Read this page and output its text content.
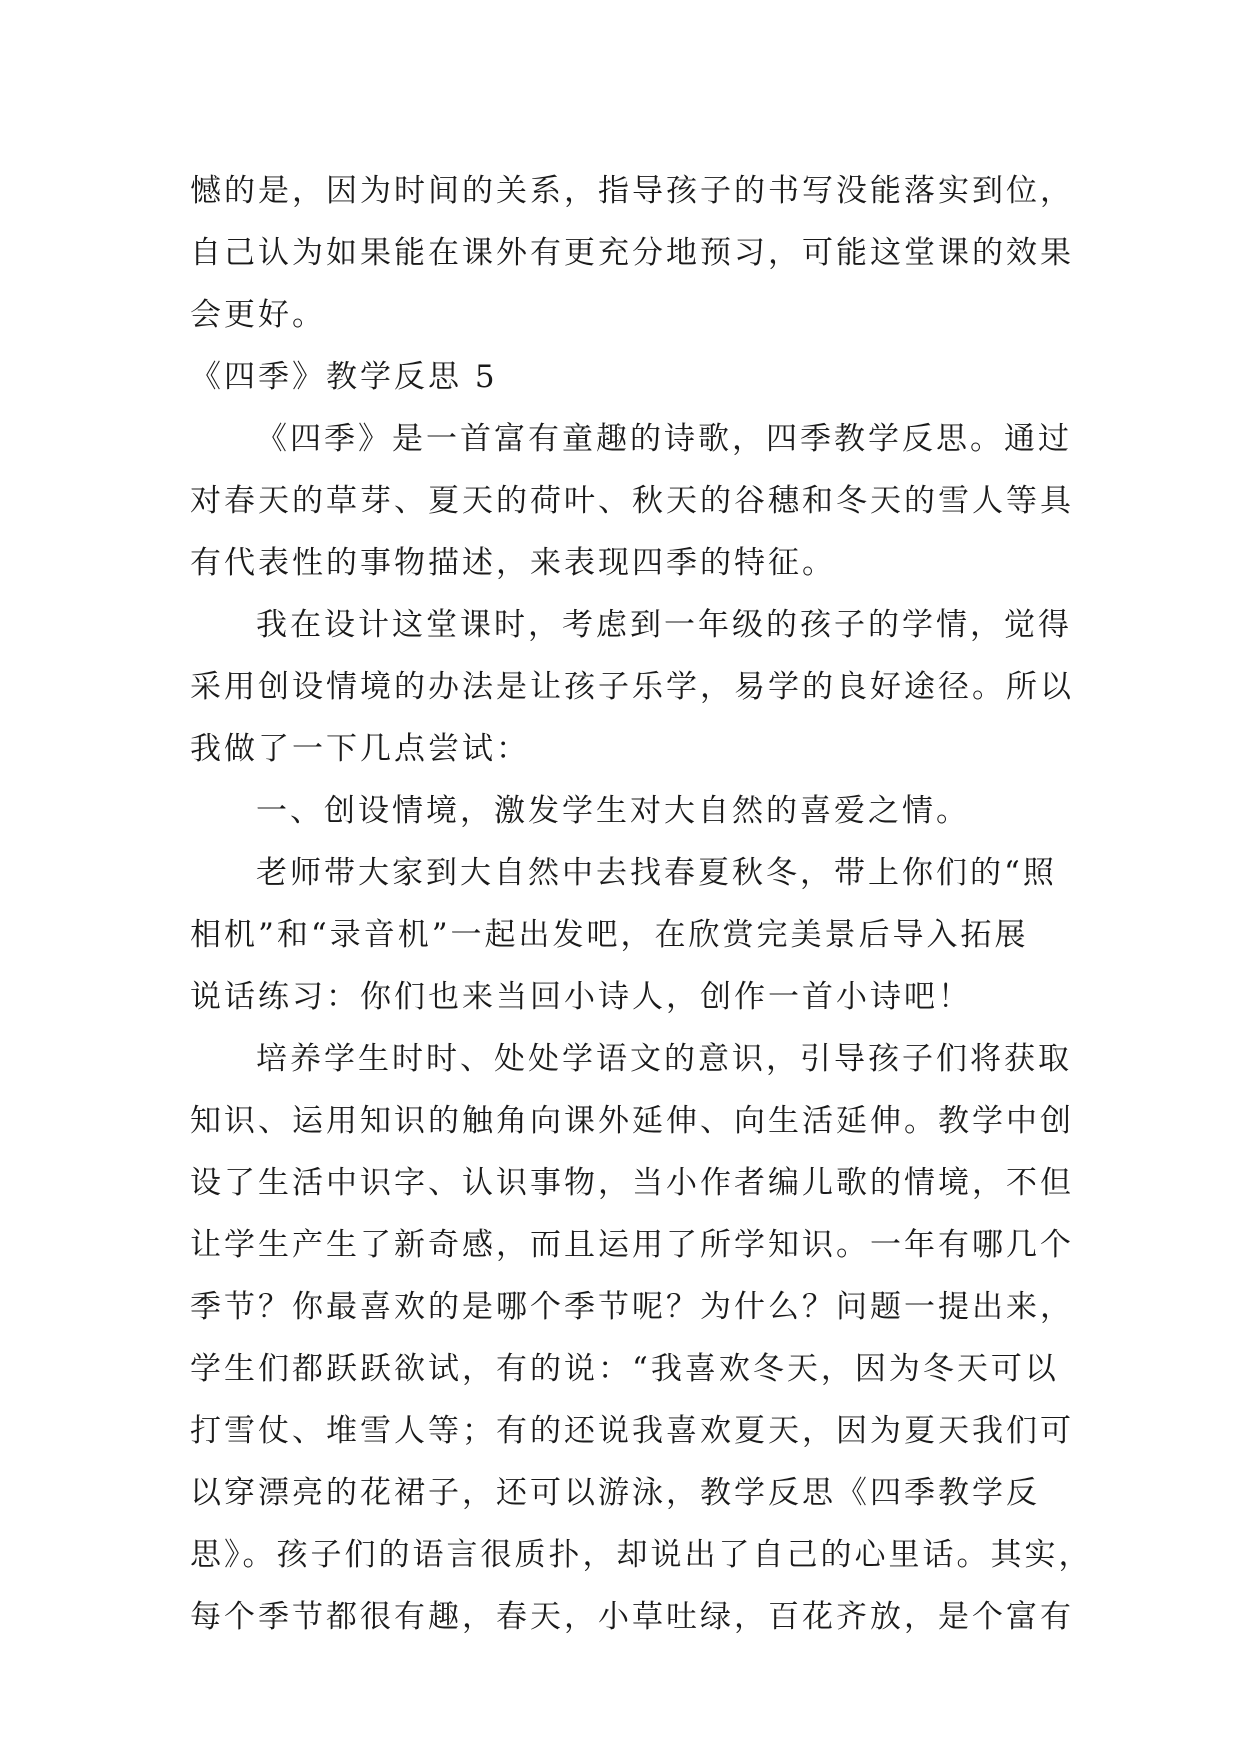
憾的是，因为时间的关系，指导孩子的书写没能落实到位，
自己认为如果能在课外有更充分地预习，可能这堂课的效果
会更好。
《四季》教学反思 5
《四季》是一首富有童趣的诗歌，四季教学反思。通过
对春天的草芽、夏天的荷叶、秋天的谷穗和冬天的雪人等具
有代表性的事物描述，来表现四季的特征。
我在设计这堂课时，考虑到一年级的孩子的学情，觉得
采用创设情境的办法是让孩子乐学，易学的良好途径。所以
我做了一下几点尝试：
一、创设情境，激发学生对大自然的喜爱之情。
老师带大家到大自然中去找春夏秋冬，带上你们的“照
相机”和“录音机”一起出发吧，在欣赏完美景后导入拓展
说话练习：你们也来当回小诗人，创作一首小诗吧！
培养学生时时、处处学语文的意识，引导孩子们将获取
知识、运用知识的触角向课外延伸、向生活延伸。教学中创
设了生活中识字、认识事物，当小作者编儿歌的情境，不但
让学生产生了新奇感，而且运用了所学知识。一年有哪几个
季节？你最喜欢的是哪个季节呢？为什么？问题一提出来，
学生们都跃跃欲试，有的说：“我喜欢冬天，因为冬天可以
打雪仗、堆雪人等；有的还说我喜欢夏天，因为夏天我们可
以穿漂亮的花裙子，还可以游泳，教学反思《四季教学反
思》。孩子们的语言很质扑，却说出了自己的心里话。其实，
每个季节都很有趣，春天，小草吐绿，百花齐放，是个富有
